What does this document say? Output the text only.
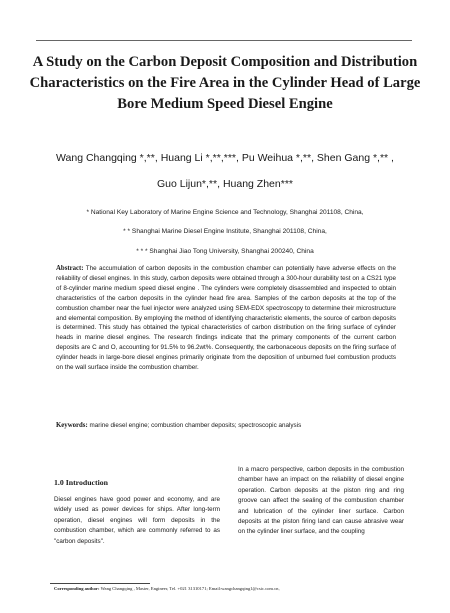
A Study on the Carbon Deposit Composition and Distribution Characteristics on the Fire Area in the Cylinder Head of Large Bore Medium Speed Diesel Engine
Wang Changqing *,**, Huang Li *,**,***, Pu Weihua *,**, Shen Gang *,** ,
Guo Lijun*,**, Huang Zhen***
* National Key Laboratory of Marine Engine Science and Technology, Shanghai 201108, China,
* * Shanghai Marine Diesel Engine Institute, Shanghai 201108, China,
* * * Shanghai Jiao Tong University, Shanghai 200240, China
Abstract: The accumulation of carbon deposits in the combustion chamber can potentially have adverse effects on the reliability of diesel engines. In this study, carbon deposits were obtained through a 300-hour durability test on a CS21 type of 8-cylinder marine medium speed diesel engine . The cylinders were completely disassembled and inspected to obtain characteristics of the carbon deposits in the cylinder head fire area. Samples of the carbon deposits at the top of the combustion chamber near the fuel injector were analyzed using SEM-EDX spectroscopy to determine their microstructure and elemental composition. By employing the method of identifying characteristic elements, the source of carbon deposits is determined. This study has obtained the typical characteristics of carbon distribution on the firing surface of cylinder heads in marine diesel engines. The research findings indicate that the primary components of the current carbon deposits are C and O, accounting for 91.5% to 96.2wt%. Consequently, the carbonaceous deposits on the firing surface of cylinder heads in large-bore diesel engines primarily originate from the deposition of unburned fuel combustion products on the wall surface inside the combustion chamber.
Keywords: marine diesel engine; combustion chamber deposits; spectroscopic analysis
1.0 Introduction
Diesel engines have good power and economy, and are widely used as power devices for ships. After long-term operation, diesel engines will form deposits in the combustion chamber, which are commonly referred to as "carbon deposits".
In a macro perspective, carbon deposits in the combustion chamber have an impact on the reliability of diesel engine operation. Carbon deposits at the piston ring and ring groove can affect the sealing of the combustion chamber and lubrication of the cylinder liner surface. Carbon deposits at the piston firing land can cause abrasive wear on the cylinder liner surface, and the coupling
Corresponding author: Wang Changqing , Master, Engineer, Tel. +021 31310171; Email:wangchangqing1@csic.com.cn,
